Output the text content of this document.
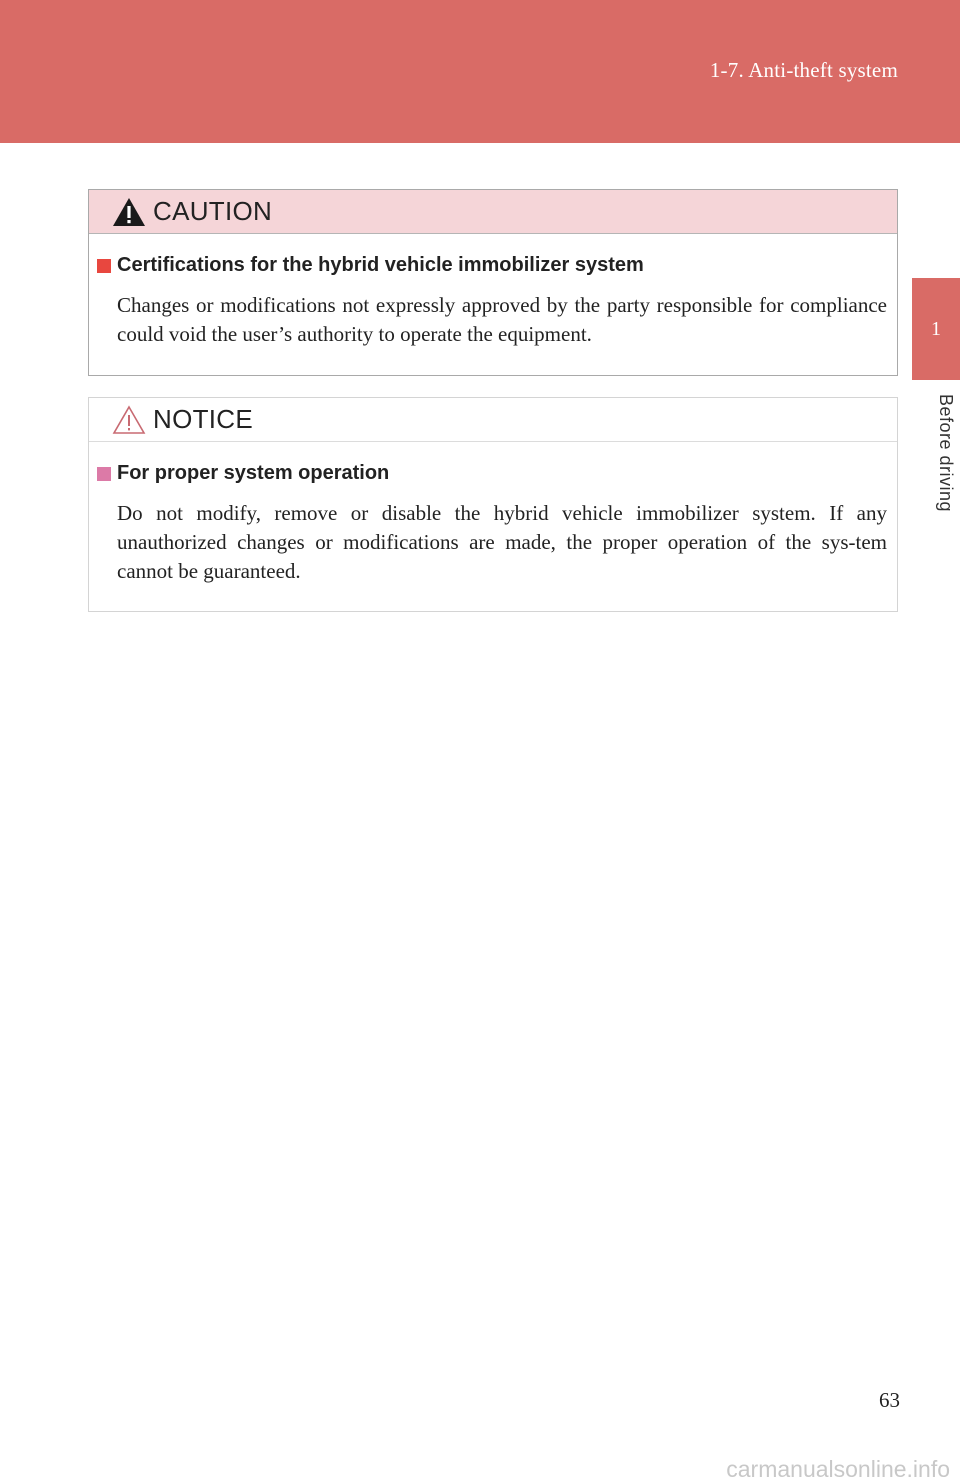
1-7. Anti-theft system
1
Before driving
CAUTION
Certifications for the hybrid vehicle immobilizer system
Changes or modifications not expressly approved by the party responsible for compliance could void the user’s authority to operate the equipment.
NOTICE
For proper system operation
Do not modify, remove or disable the hybrid vehicle immobilizer system. If any unauthorized changes or modifications are made, the proper operation of the sys-tem cannot be guaranteed.
63
carmanualsonline.info
